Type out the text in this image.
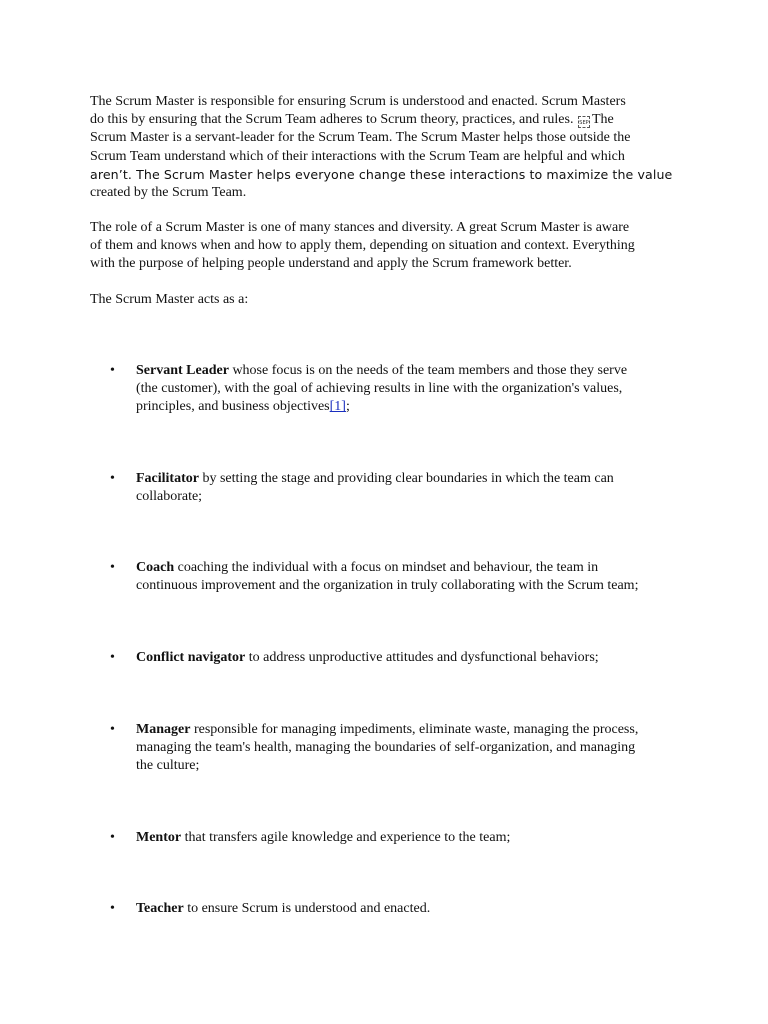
The Scrum Master is responsible for ensuring Scrum is understood and enacted. Scrum Masters
do this by ensuring that the Scrum Team adheres to Scrum theory, practices, and rules. SEP The
Scrum Master is a servant-leader for the Scrum Team. The Scrum Master helps those outside the
Scrum Team understand which of their interactions with the Scrum Team are helpful and which
aren’t. The Scrum Master helps everyone change these interactions to maximize the value
created by the Scrum Team.
The role of a Scrum Master is one of many stances and diversity. A great Scrum Master is aware
of them and knows when and how to apply them, depending on situation and context. Everything
with the purpose of helping people understand and apply the Scrum framework better.
The Scrum Master acts as a:
• Servant Leader whose focus is on the needs of the team members and those they serve
(the customer), with the goal of achieving results in line with the organization's values,
principles, and business objectives[1];
• Facilitator by setting the stage and providing clear boundaries in which the team can
collaborate;
• Coach coaching the individual with a focus on mindset and behaviour, the team in
continuous improvement and the organization in truly collaborating with the Scrum team;
• Conflict navigator to address unproductive attitudes and dysfunctional behaviors;
• Manager responsible for managing impediments, eliminate waste, managing the process,
managing the team's health, managing the boundaries of self-organization, and managing
the culture;
• Mentor that transfers agile knowledge and experience to the team;
• Teacher to ensure Scrum is understood and enacted.
